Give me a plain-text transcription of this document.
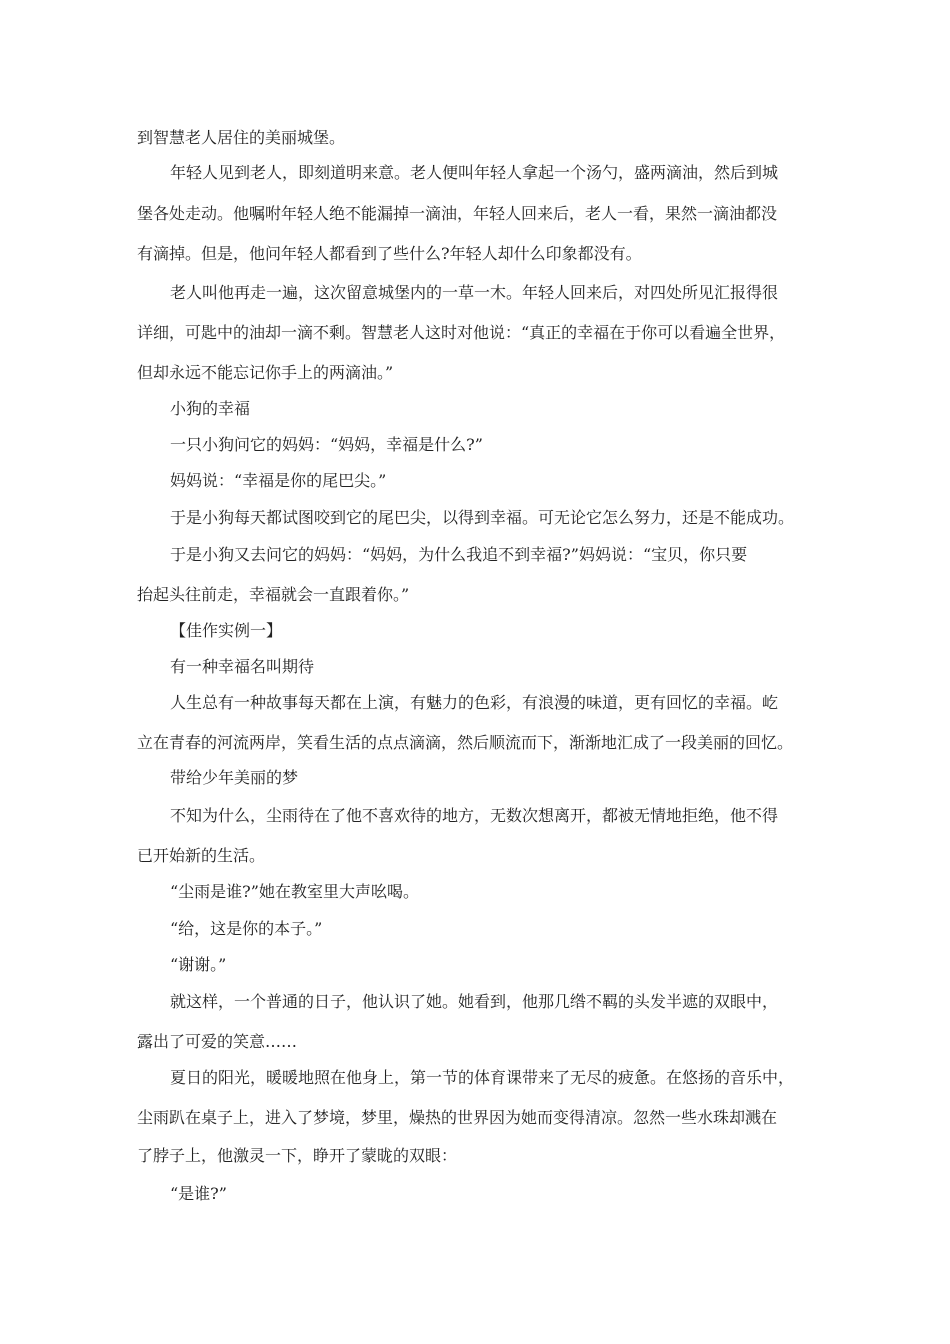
到智慧老人居住的美丽城堡。
年轻人见到老人，即刻道明来意。老人便叫年轻人拿起一个汤勺，盛两滴油，然后到城
堡各处走动。他嘱咐年轻人绝不能漏掉一滴油，年轻人回来后，老人一看，果然一滴油都没
有滴掉。但是，他问年轻人都看到了些什么?年轻人却什么印象都没有。
老人叫他再走一遍，这次留意城堡内的一草一木。年轻人回来后，对四处所见汇报得很
详细，可匙中的油却一滴不剩。智慧老人这时对他说：“真正的幸福在于你可以看遍全世界，
但却永远不能忘记你手上的两滴油。”
小狗的幸福
一只小狗问它的妈妈：“妈妈，幸福是什么?”
妈妈说：“幸福是你的尾巴尖。”
于是小狗每天都试图咬到它的尾巴尖，以得到幸福。可无论它怎么努力，还是不能成功。
于是小狗又去问它的妈妈：“妈妈，为什么我追不到幸福?”妈妈说：“宝贝，你只要
抬起头往前走，幸福就会一直跟着你。”
【佳作实例一】
有一种幸福名叫期待
人生总有一种故事每天都在上演，有魅力的色彩，有浪漫的味道，更有回忆的幸福。屹
立在青春的河流两岸，笑看生活的点点滴滴，然后顺流而下，渐渐地汇成了一段美丽的回忆。
带给少年美丽的梦
不知为什么，尘雨待在了他不喜欢待的地方，无数次想离开，都被无情地拒绝，他不得
已开始新的生活。
“尘雨是谁?”她在教室里大声吆喝。
“给，这是你的本子。”
“谢谢。”
就这样，一个普通的日子，他认识了她。她看到，他那几绺不羁的头发半遮的双眼中，
露出了可爱的笑意……
夏日的阳光，暖暖地照在他身上，第一节的体育课带来了无尽的疲惫。在悠扬的音乐中，
尘雨趴在桌子上，进入了梦境，梦里，燥热的世界因为她而变得清凉。忽然一些水珠却溅在
了脖子上，他激灵一下，睁开了蒙昽的双眼：
“是谁?”
